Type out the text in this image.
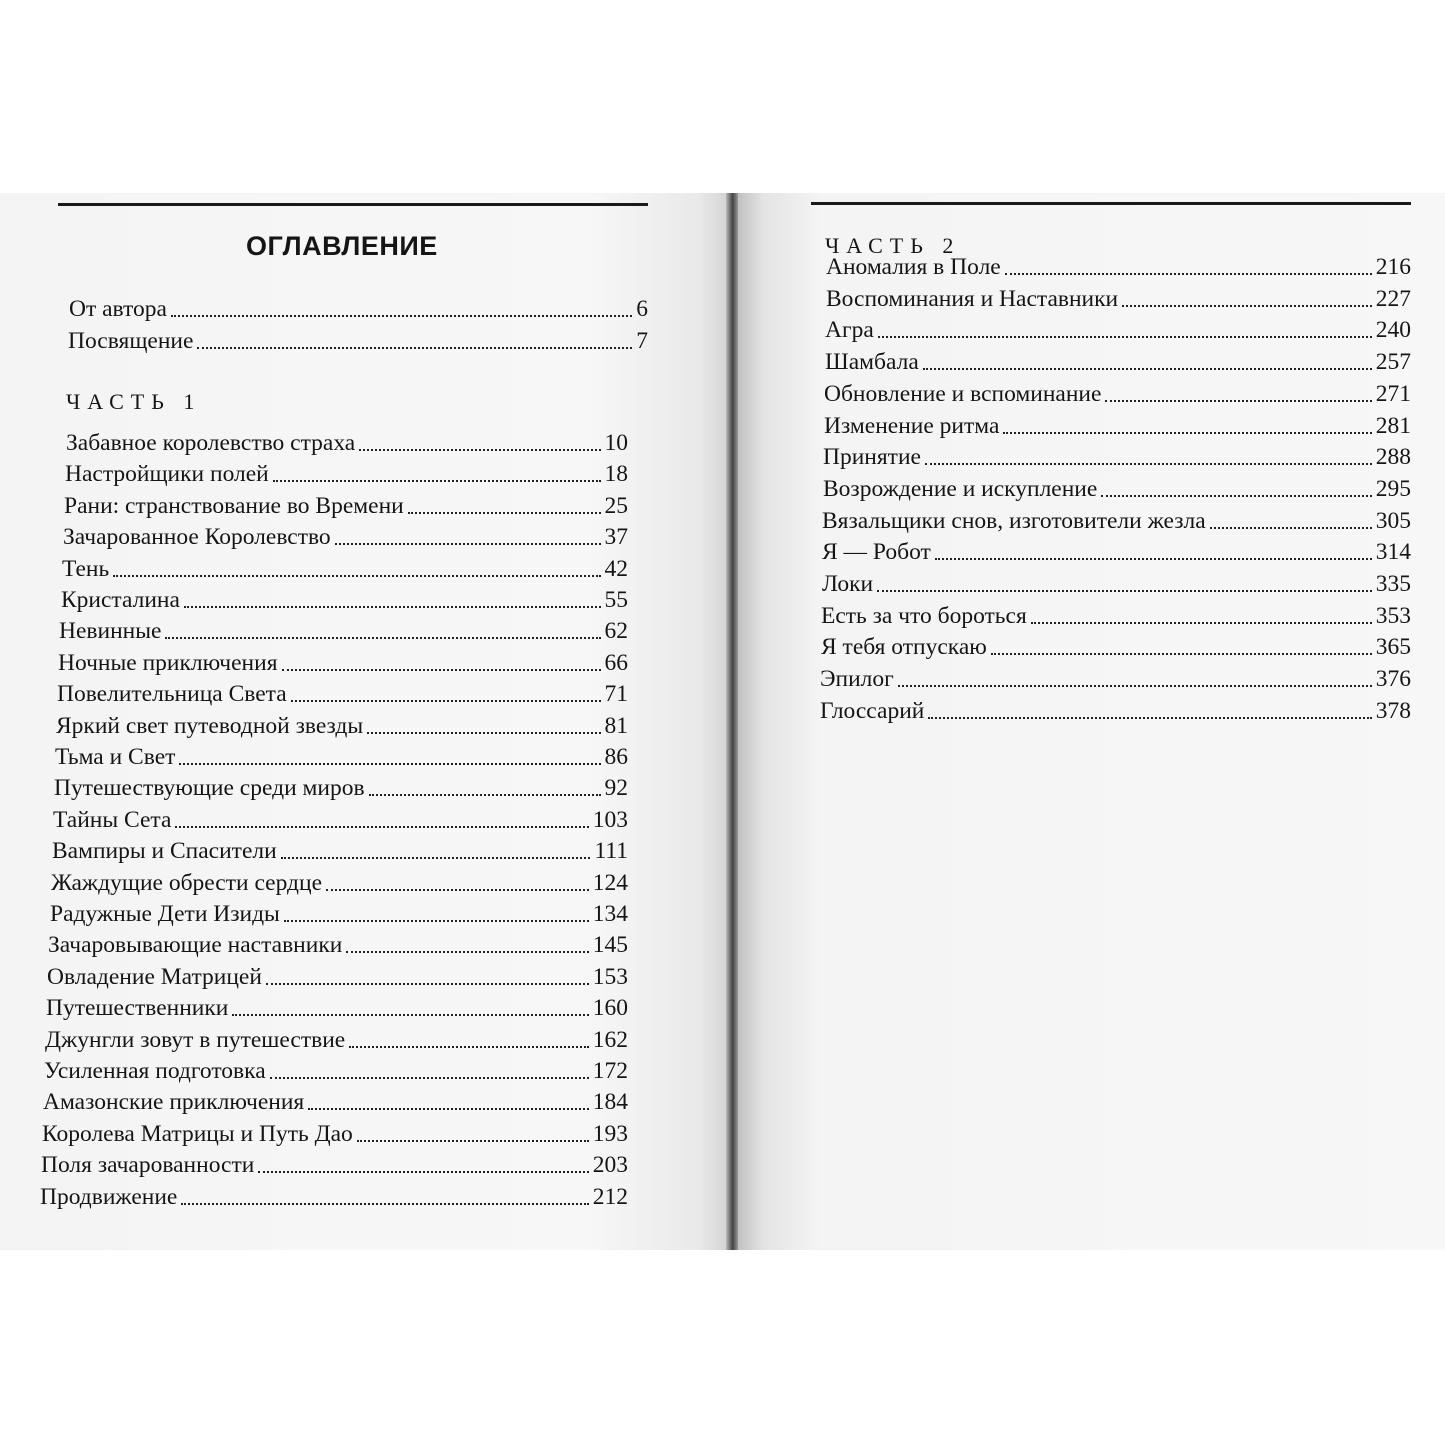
ОГЛАВЛЕНИЕ
От автора	6
Посвящение	7
ЧАСТЬ 1
Забавное королевство страха	10
Настройщики полей	18
Рани: странствование во Времени	25
Зачарованное Королевство	37
Тень	42
Кристалина	55
Невинные	62
Ночные приключения	66
Повелительница Света	71
Яркий свет путеводной звезды	81
Тьма и Свет	86
Путешествующие среди миров	92
Тайны Сета	103
Вампиры и Спасители	111
Жаждущие обрести сердце	124
Радужные Дети Изиды	134
Зачаровывающие наставники	145
Овладение Матрицей	153
Путешественники	160
Джунгли зовут в путешествие	162
Усиленная подготовка	172
Амазонские приключения	184
Королева Матрицы и Путь Дао	193
Поля зачарованности	203
Продвижение	212
ЧАСТЬ 2
Аномалия в Поле	216
Воспоминания и Наставники	227
Агра	240
Шамбала	257
Обновление и вспоминание	271
Изменение ритма	281
Принятие	288
Возрождение и искупление	295
Вязальщики снов, изготовители жезла	305
Я — Робот	314
Локи	335
Есть за что бороться	353
Я тебя отпускаю	365
Эпилог	376
Глоссарий	378
